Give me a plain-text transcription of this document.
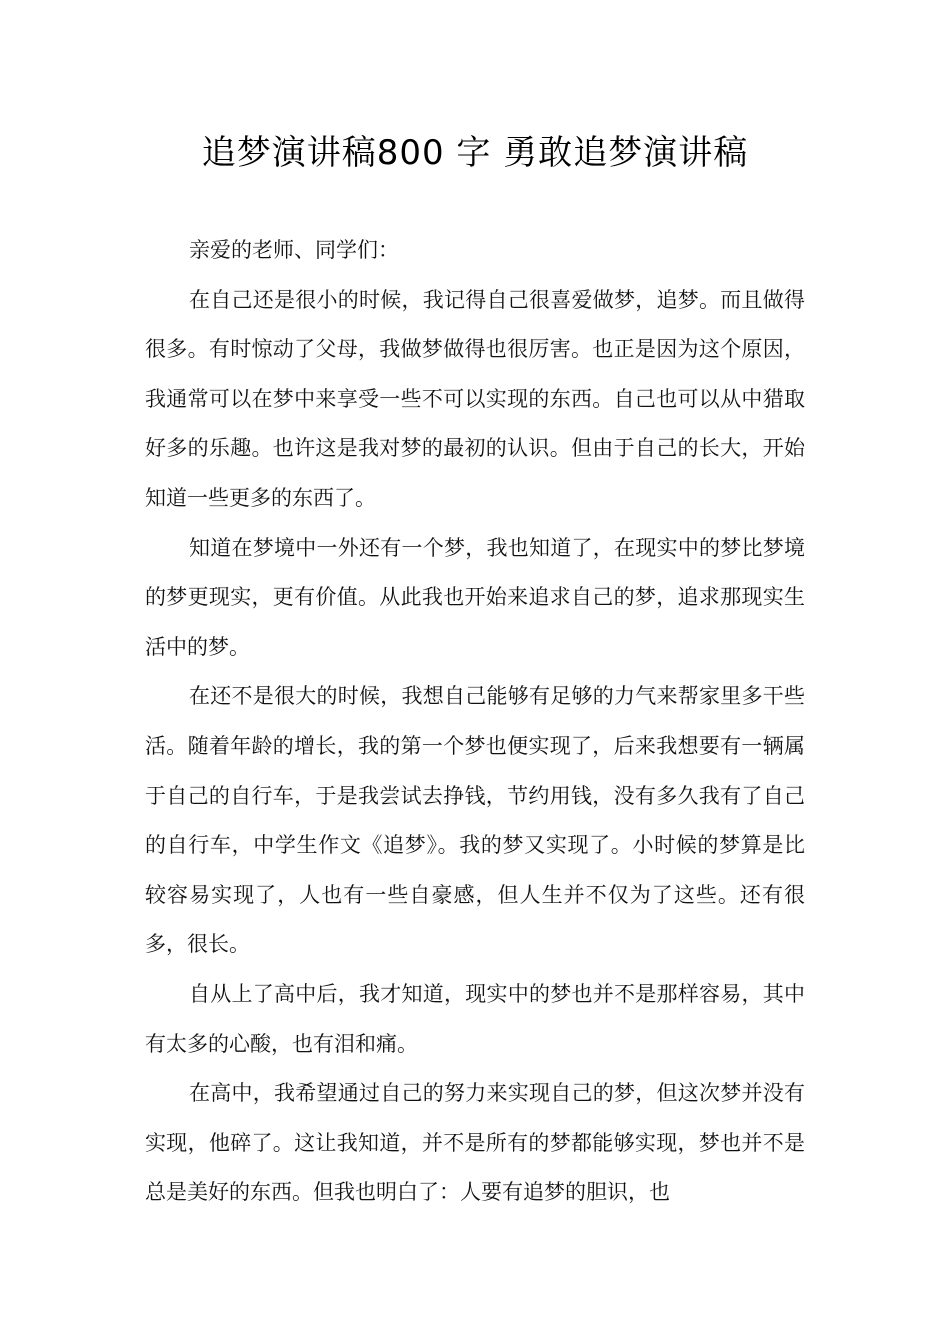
追梦演讲稿800 字 勇敢追梦演讲稿

亲爱的老师、同学们：

在自己还是很小的时候，我记得自己很喜爱做梦，追梦。而且做得很多。有时惊动了父母，我做梦做得也很厉害。也正是因为这个原因，我通常可以在梦中来享受一些不可以实现的东西。自己也可以从中猎取好多的乐趣。也许这是我对梦的最初的认识。但由于自己的长大，开始知道一些更多的东西了。

知道在梦境中一外还有一个梦，我也知道了，在现实中的梦比梦境的梦更现实，更有价值。从此我也开始来追求自己的梦，追求那现实生活中的梦。

在还不是很大的时候，我想自己能够有足够的力气来帮家里多干些活。随着年龄的增长，我的第一个梦也便实现了，后来我想要有一辆属于自己的自行车，于是我尝试去挣钱，节约用钱，没有多久我有了自己的自行车，中学生作文《追梦》。我的梦又实现了。小时候的梦算是比较容易实现了，人也有一些自豪感，但人生并不仅为了这些。还有很多，很长。

自从上了高中后，我才知道，现实中的梦也并不是那样容易，其中有太多的心酸，也有泪和痛。

在高中，我希望通过自己的努力来实现自己的梦，但这次梦并没有实现，他碎了。这让我知道，并不是所有的梦都能够实现，梦也并不是总是美好的东西。但我也明白了：人要有追梦的胆识，也
